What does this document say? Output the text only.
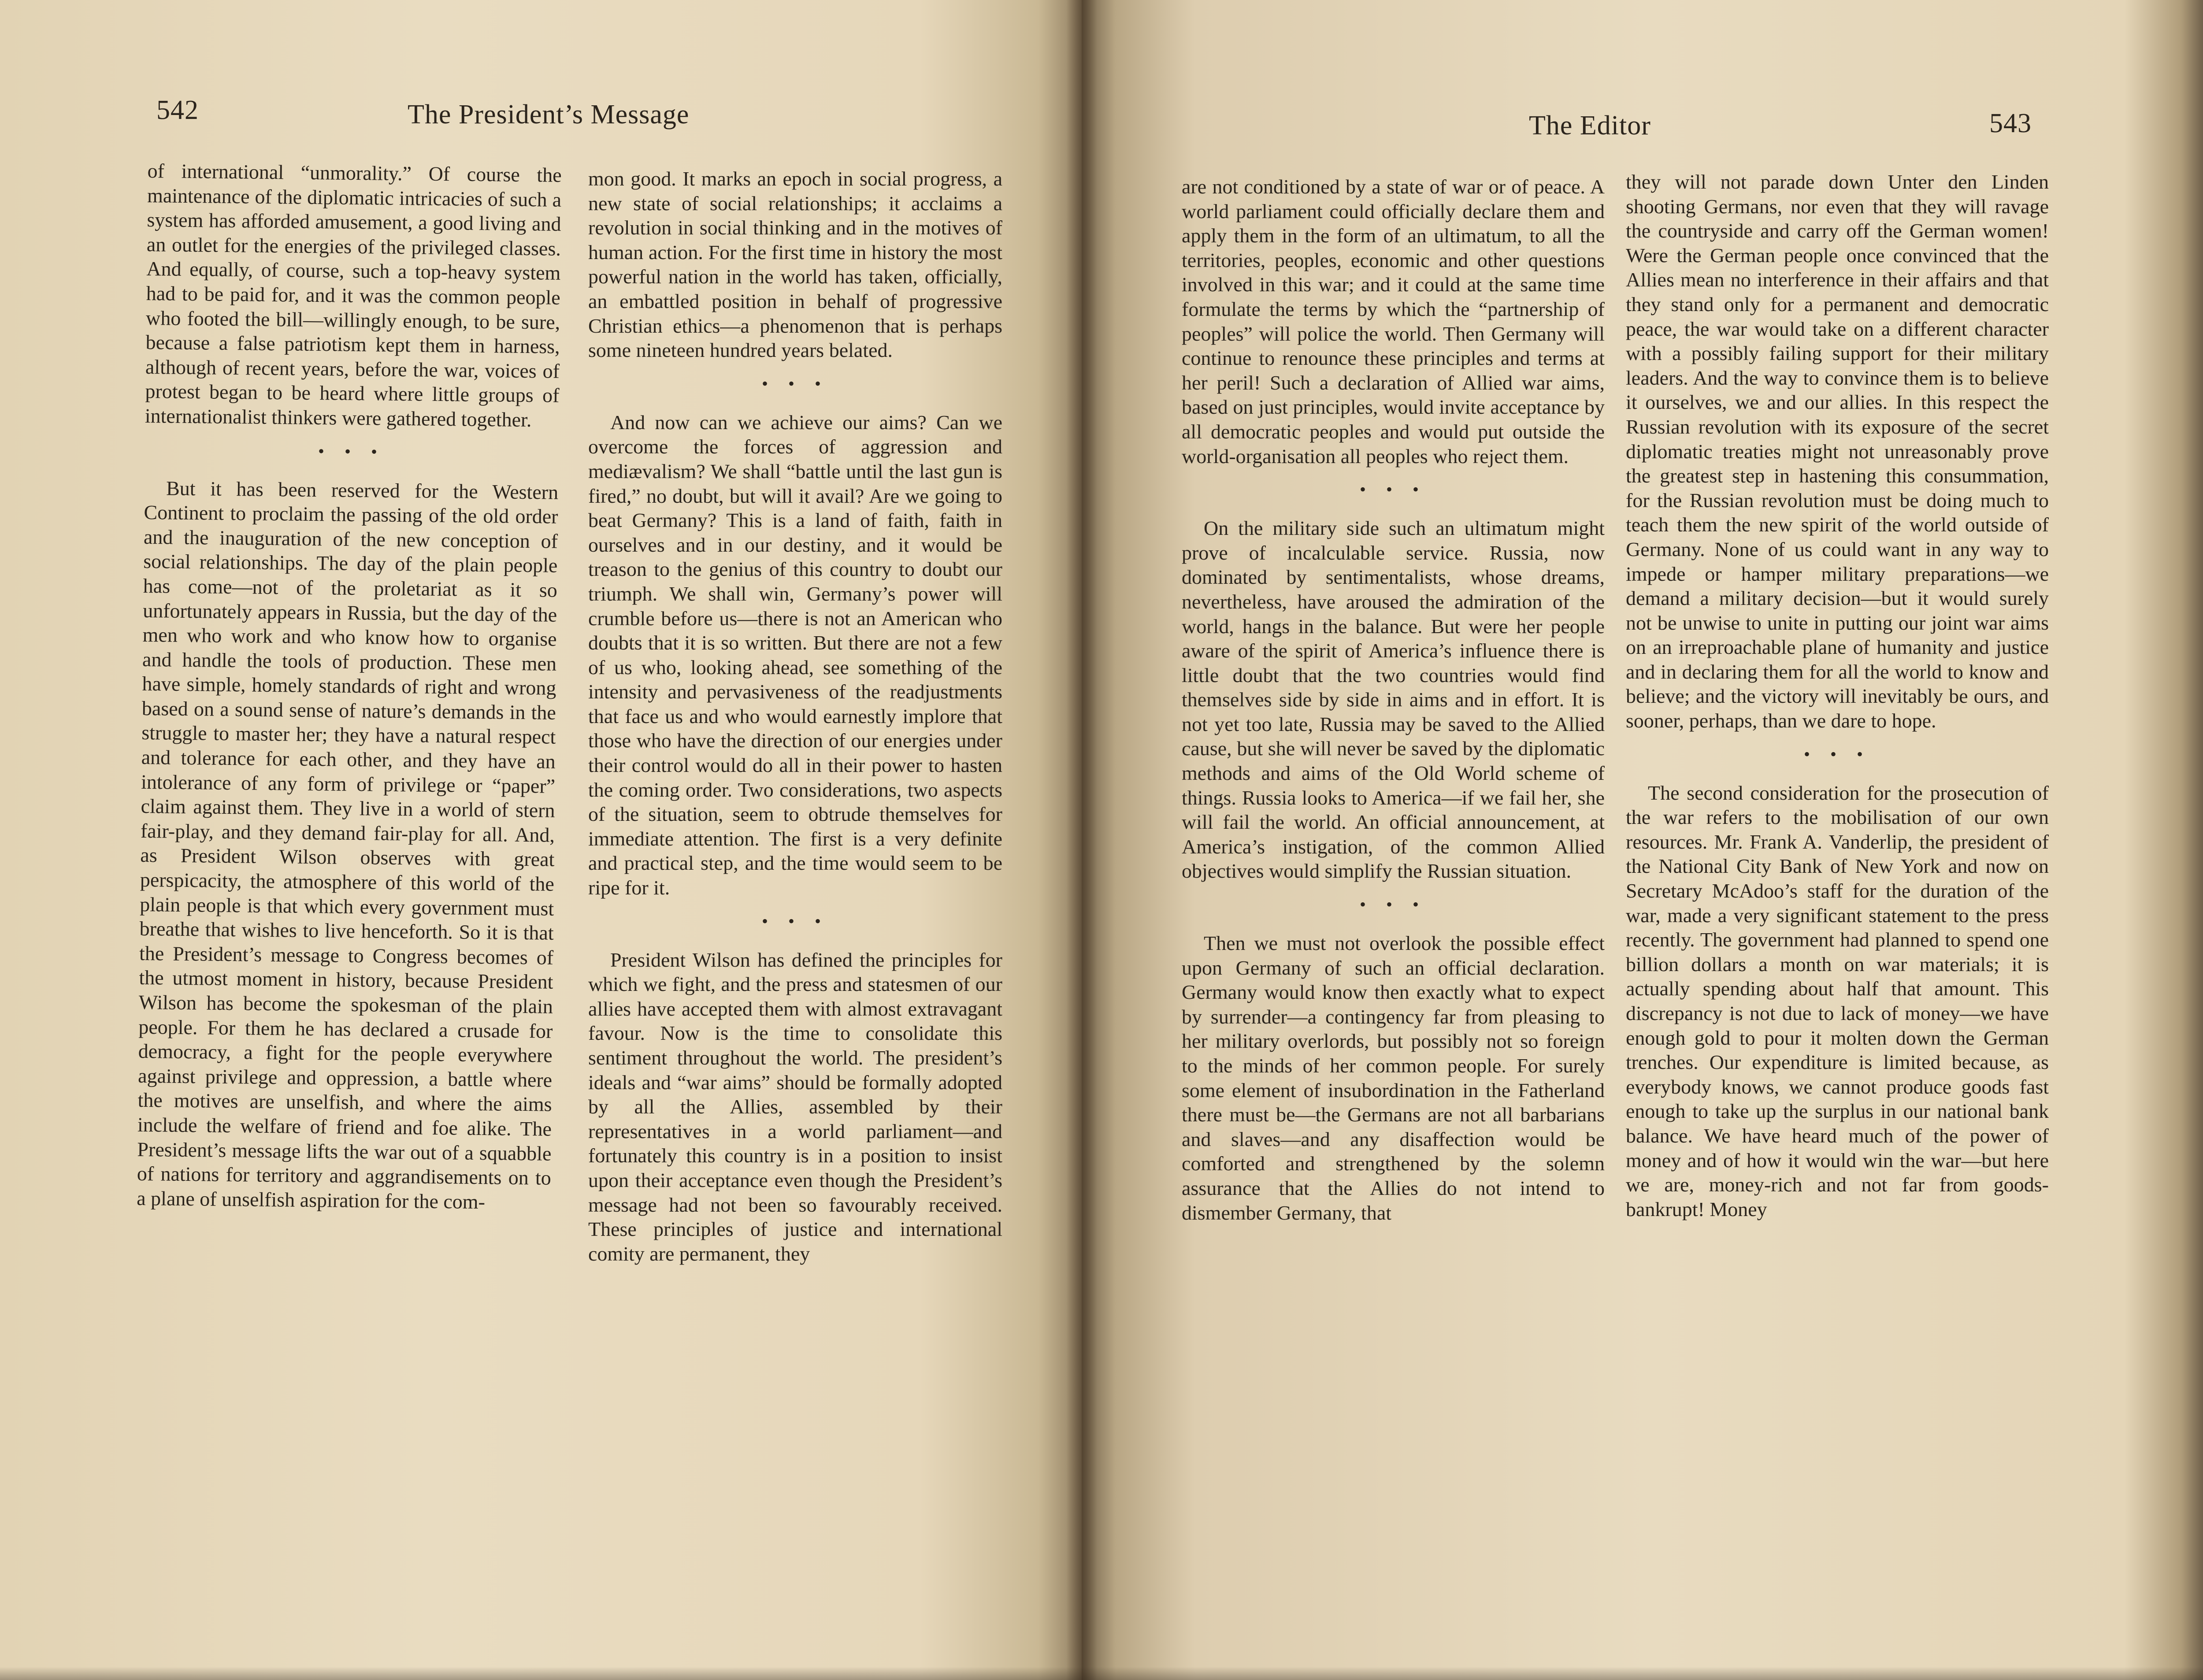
542	The President’s Message

of international “unmorality.” Of course the maintenance of the diplomatic intricacies of such a system has afforded amusement, a good living and an outlet for the energies of the privileged classes. And equally, of course, such a top-heavy system had to be paid for, and it was the common people who footed the bill—willingly enough, to be sure, because a false patriotism kept them in harness, although of recent years, before the war, voices of protest began to be heard where little groups of internationalist thinkers were gathered together.

• • •

But it has been reserved for the Western Continent to proclaim the passing of the old order and the inauguration of the new conception of social relationships. The day of the plain people has come—not of the proletariat as it so unfortunately appears in Russia, but the day of the men who work and who know how to organise and handle the tools of production. These men have simple, homely standards of right and wrong based on a sound sense of nature’s demands in the struggle to master her; they have a natural respect and tolerance for each other, and they have an intolerance of any form of privilege or “paper” claim against them. They live in a world of stern fair-play, and they demand fair-play for all. And, as President Wilson observes with great perspicacity, the atmosphere of this world of the plain people is that which every government must breathe that wishes to live henceforth. So it is that the President’s message to Congress becomes of the utmost moment in history, because President Wilson has become the spokesman of the plain people. For them he has declared a crusade for democracy, a fight for the people everywhere against privilege and oppression, a battle where the motives are unselfish, and where the aims include the welfare of friend and foe alike. The President’s message lifts the war out of a squabble of nations for territory and aggrandisements on to a plane of unselfish aspiration for the com-

mon good. It marks an epoch in social progress, a new state of social relationships; it acclaims a revolution in social thinking and in the motives of human action. For the first time in history the most powerful nation in the world has taken, officially, an embattled position in behalf of progressive Christian ethics—a phenomenon that is perhaps some nineteen hundred years belated.

• • •

And now can we achieve our aims? Can we overcome the forces of aggression and mediævalism? We shall “battle until the last gun is fired,” no doubt, but will it avail? Are we going to beat Germany? This is a land of faith, faith in ourselves and in our destiny, and it would be treason to the genius of this country to doubt our triumph. We shall win, Germany’s power will crumble before us—there is not an American who doubts that it is so written. But there are not a few of us who, looking ahead, see something of the intensity and pervasiveness of the readjustments that face us and who would earnestly implore that those who have the direction of our energies under their control would do all in their power to hasten the coming order. Two considerations, two aspects of the situation, seem to obtrude themselves for immediate attention. The first is a very definite and practical step, and the time would seem to be ripe for it.

• • •

President Wilson has defined the principles for which we fight, and the press and statesmen of our allies have accepted them with almost extravagant favour. Now is the time to consolidate this sentiment throughout the world. The president’s ideals and “war aims” should be formally adopted by all the Allies, assembled by their representatives in a world parliament—and fortunately this country is in a position to insist upon their acceptance even though the President’s message had not been so favourably received. These principles of justice and international comity are permanent, they

The Editor	543

are not conditioned by a state of war or of peace. A world parliament could officially declare them and apply them in the form of an ultimatum, to all the territories, peoples, economic and other questions involved in this war; and it could at the same time formulate the terms by which the “partnership of peoples” will police the world. Then Germany will continue to renounce these principles and terms at her peril! Such a declaration of Allied war aims, based on just principles, would invite acceptance by all democratic peoples and would put outside the world-organisation all peoples who reject them.

• • •

On the military side such an ultimatum might prove of incalculable service. Russia, now dominated by sentimentalists, whose dreams, nevertheless, have aroused the admiration of the world, hangs in the balance. But were her people aware of the spirit of America’s influence there is little doubt that the two countries would find themselves side by side in aims and in effort. It is not yet too late, Russia may be saved to the Allied cause, but she will never be saved by the diplomatic methods and aims of the Old World scheme of things. Russia looks to America—if we fail her, she will fail the world. An official announcement, at America’s instigation, of the common Allied objectives would simplify the Russian situation.

• • •

Then we must not overlook the possible effect upon Germany of such an official declaration. Germany would know then exactly what to expect by surrender—a contingency far from pleasing to her military overlords, but possibly not so foreign to the minds of her common people. For surely some element of insubordination in the Fatherland there must be—the Germans are not all barbarians and slaves—and any disaffection would be comforted and strengthened by the solemn assurance that the Allies do not intend to dismember Germany, that

they will not parade down Unter den Linden shooting Germans, nor even that they will ravage the countryside and carry off the German women! Were the German people once convinced that the Allies mean no interference in their affairs and that they stand only for a permanent and democratic peace, the war would take on a different character with a possibly failing support for their military leaders. And the way to convince them is to believe it ourselves, we and our allies. In this respect the Russian revolution with its exposure of the secret diplomatic treaties might not unreasonably prove the greatest step in hastening this consummation, for the Russian revolution must be doing much to teach them the new spirit of the world outside of Germany. None of us could want in any way to impede or hamper military preparations—we demand a military decision—but it would surely not be unwise to unite in putting our joint war aims on an irreproachable plane of humanity and justice and in declaring them for all the world to know and believe; and the victory will inevitably be ours, and sooner, perhaps, than we dare to hope.

• • •

The second consideration for the prosecution of the war refers to the mobilisation of our own resources. Mr. Frank A. Vanderlip, the president of the National City Bank of New York and now on Secretary McAdoo’s staff for the duration of the war, made a very significant statement to the press recently. The government had planned to spend one billion dollars a month on war materials; it is actually spending about half that amount. This discrepancy is not due to lack of money—we have enough gold to pour it molten down the German trenches. Our expenditure is limited because, as everybody knows, we cannot produce goods fast enough to take up the surplus in our national bank balance. We have heard much of the power of money and of how it would win the war—but here we are, money-rich and not far from goods-bankrupt! Money
